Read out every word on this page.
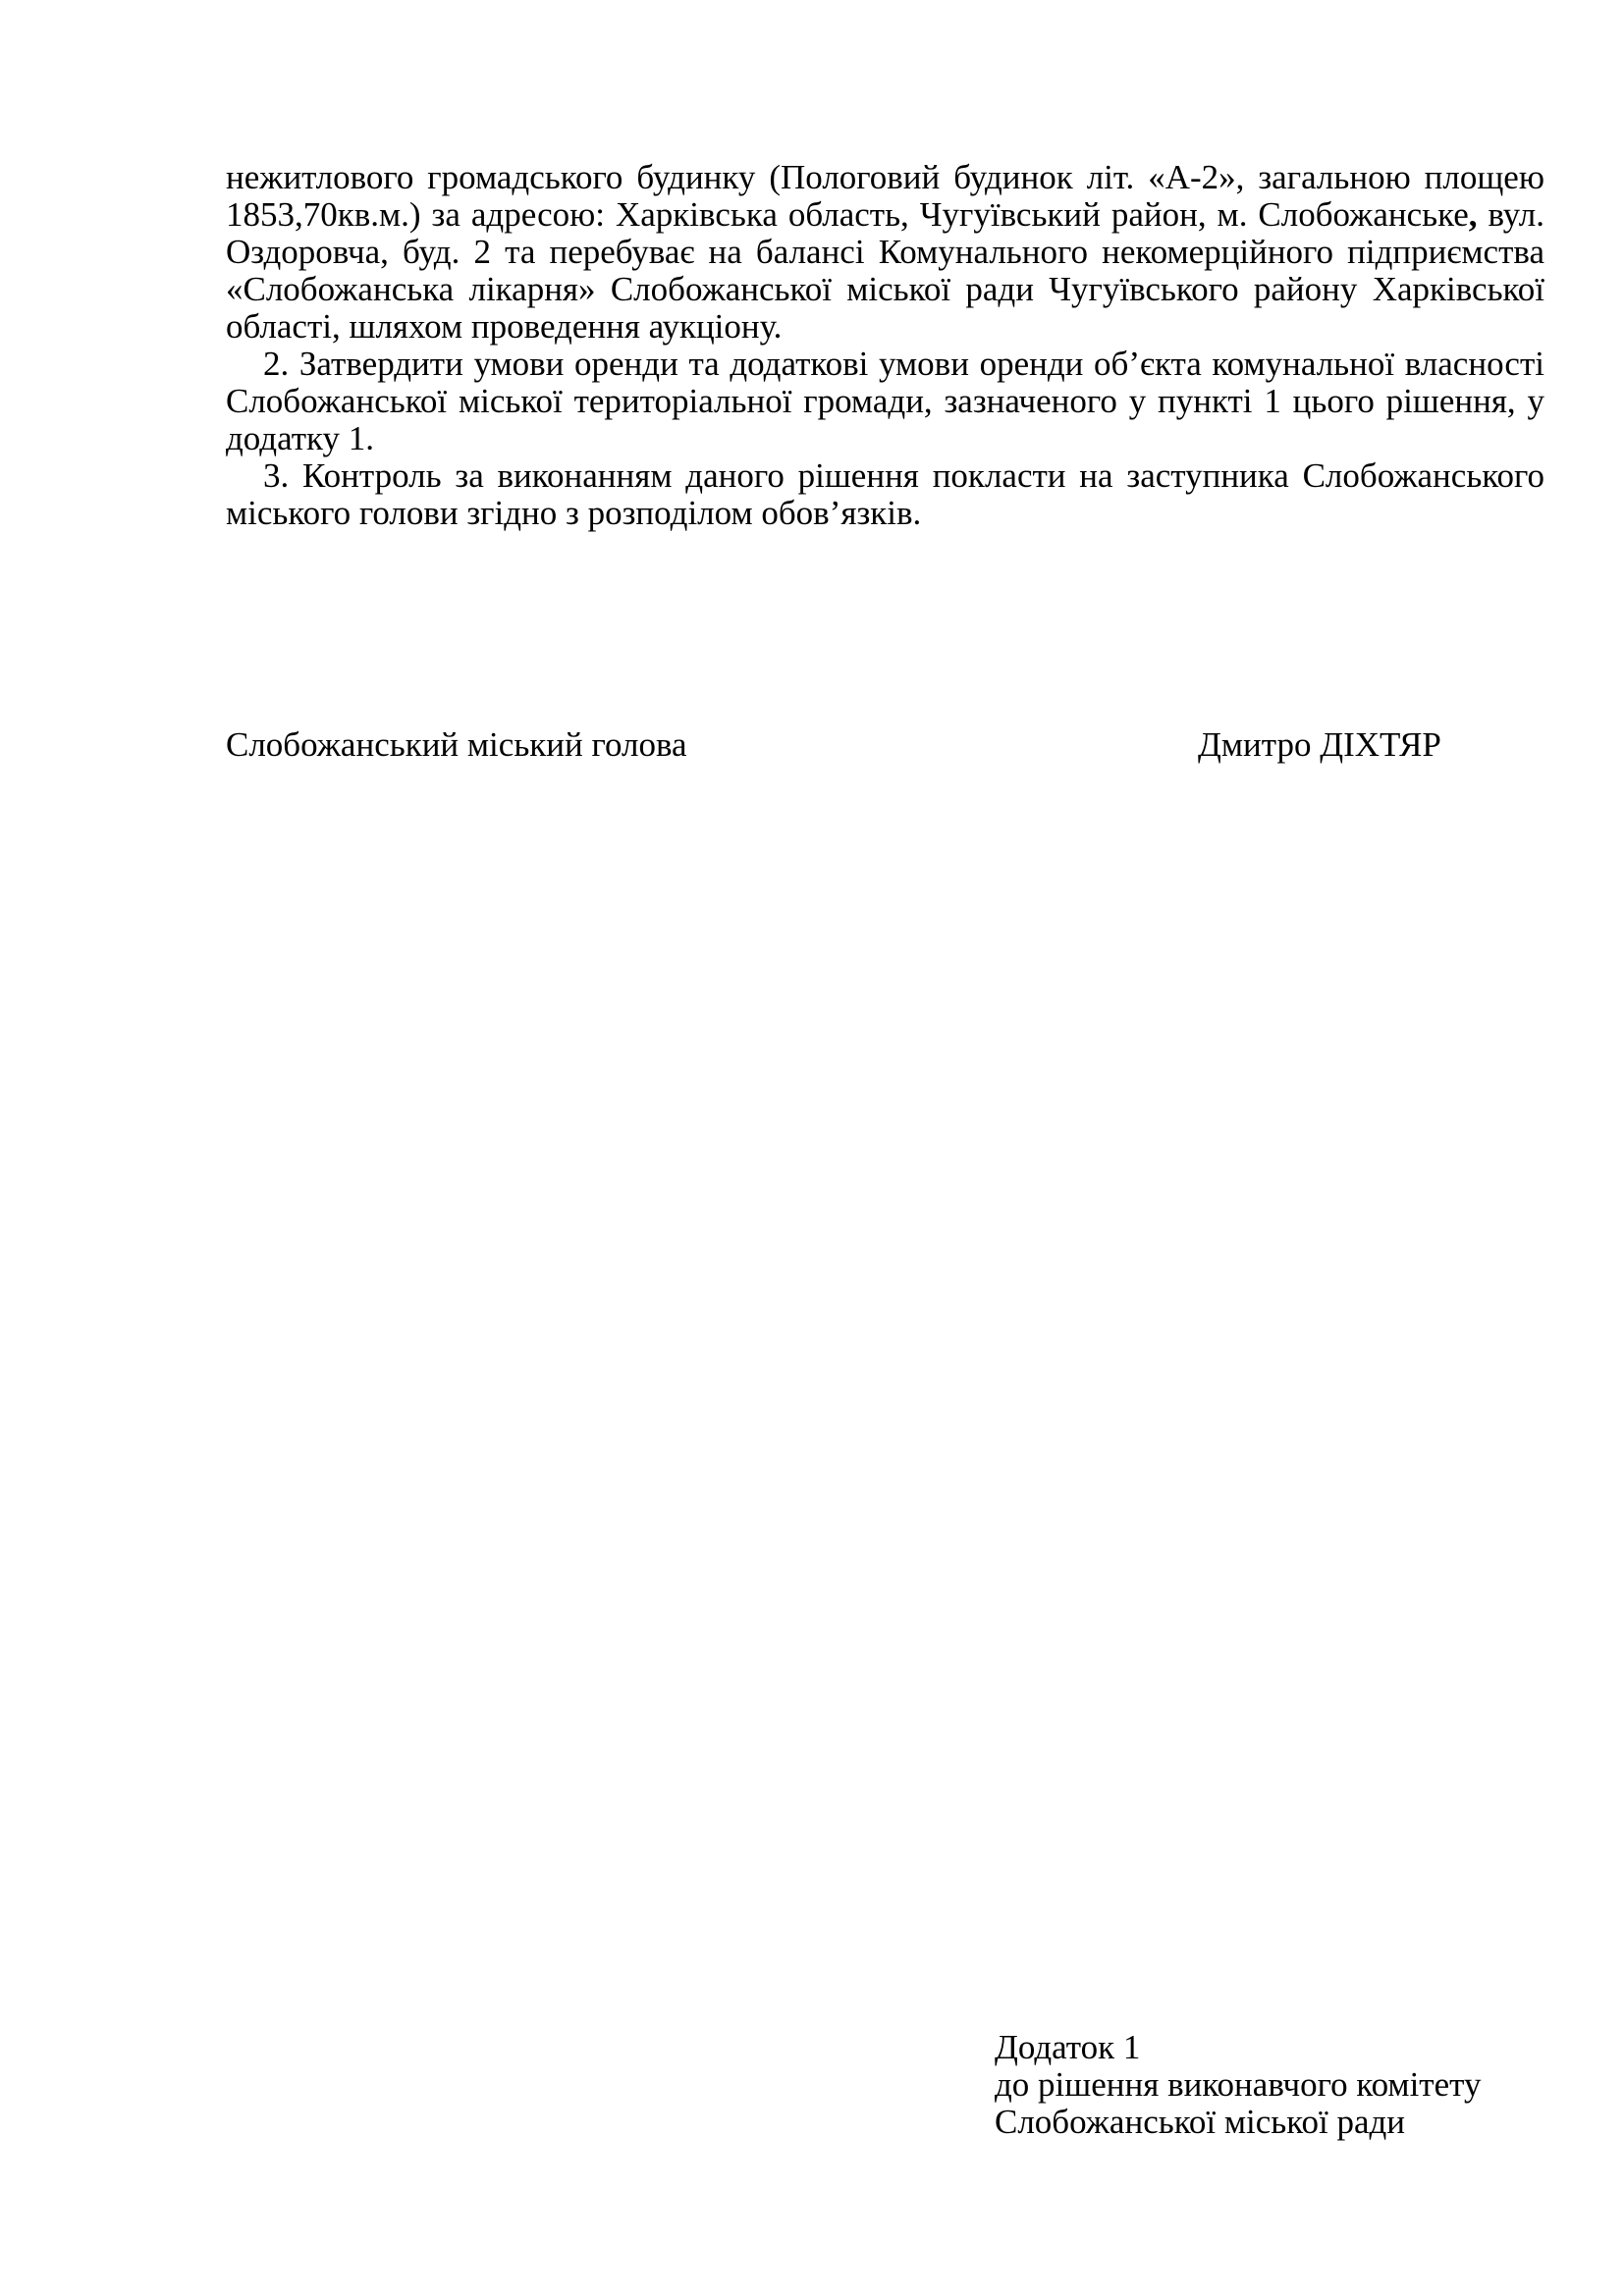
нежитлового громадського будинку (Пологовий будинок літ. «А-2», загальною площею 1853,70кв.м.) за адресою: Харківська область, Чугуївський район, м. Слобожанське, вул. Оздоровча, буд. 2 та перебуває на балансі Комунального некомерційного підприємства «Слобожанська лікарня» Слобожанської міської ради Чугуївського району Харківської області, шляхом проведення аукціону.

2. Затвердити умови оренди та додаткові умови оренди об’єкта комунальної власності Слобожанської міської територіальної громади, зазначеного у пункті 1 цього рішення, у додатку 1.

3. Контроль за виконанням даного рішення покласти на заступника Слобожанського міського голови згідно з розподілом обов’язків.

Слобожанський міський голова	Дмитро ДІХТЯР
Додаток 1
до рішення виконавчого комітету
Слобожанської міської ради
